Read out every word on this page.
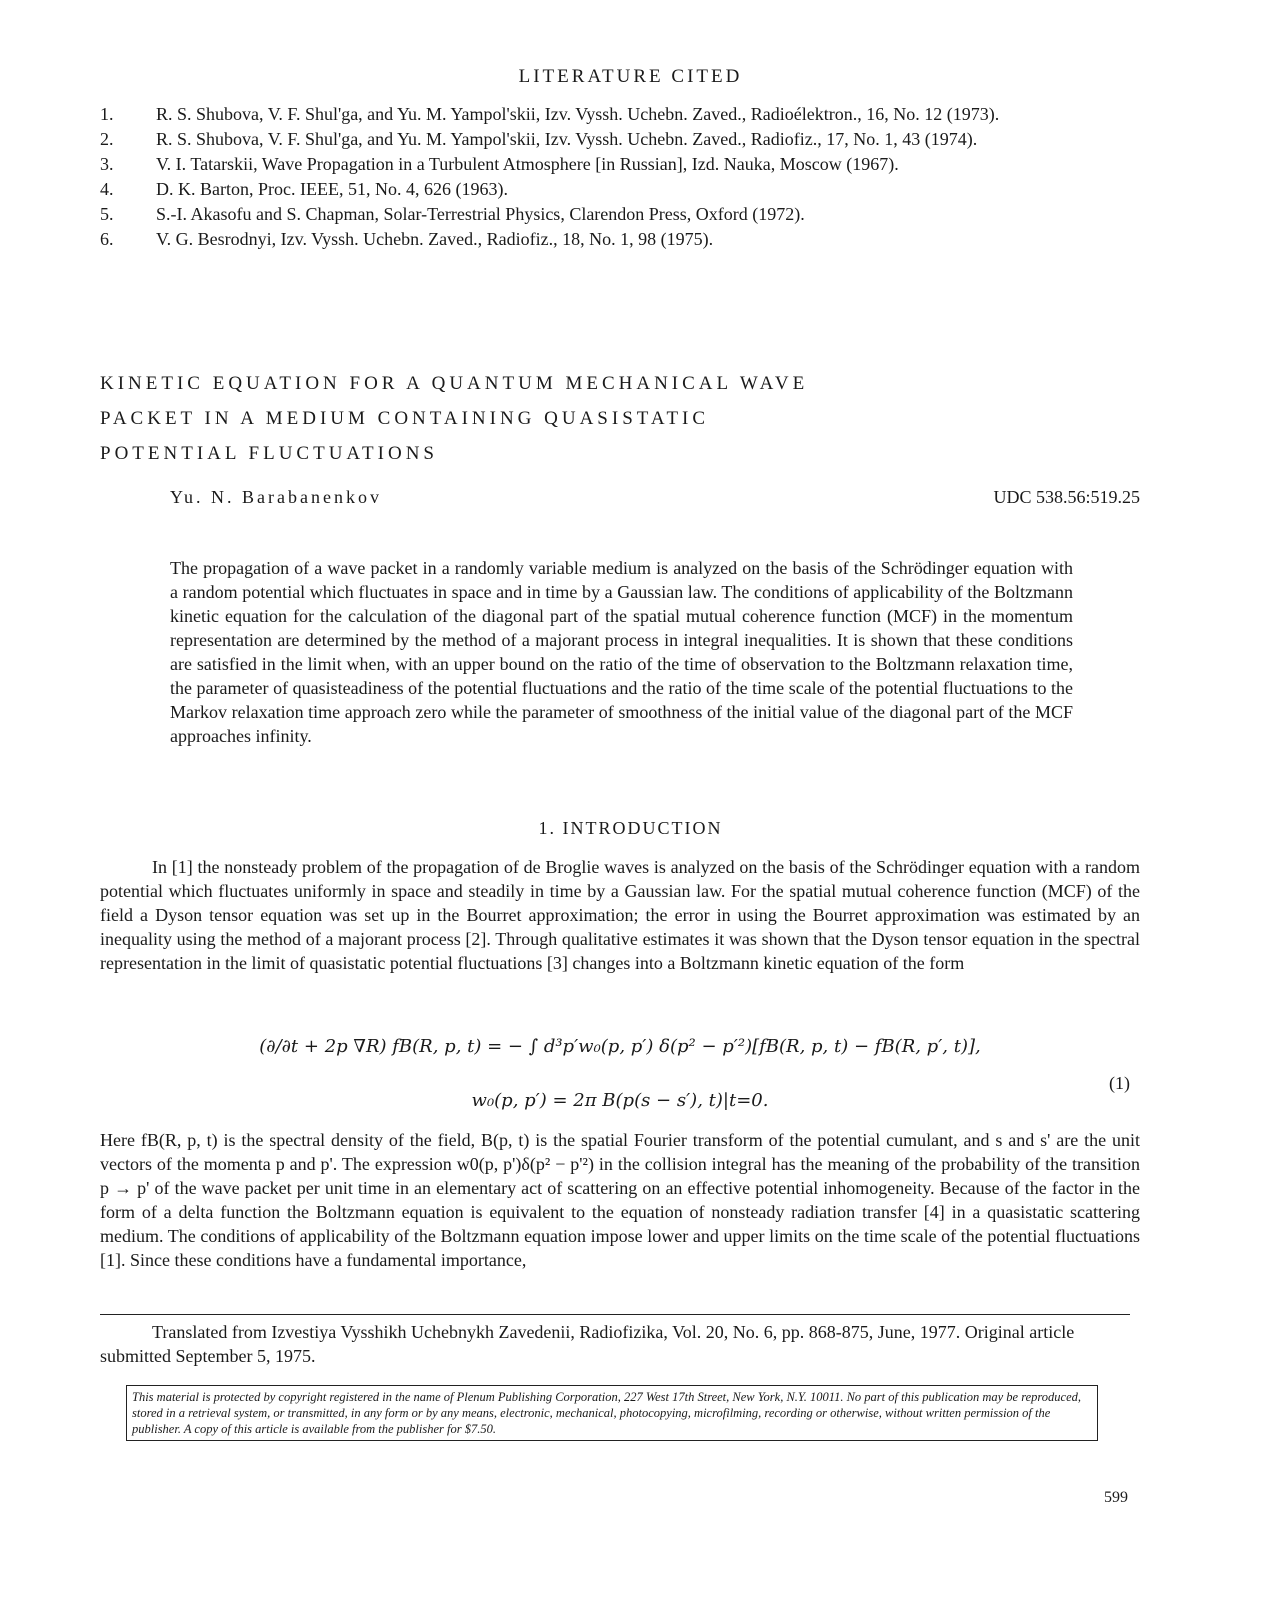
LITERATURE CITED
1. R. S. Shubova, V. F. Shul'ga, and Yu. M. Yampol'skii, Izv. Vyssh. Uchebn. Zaved., Radioélektron., 16, No. 12 (1973).
2. R. S. Shubova, V. F. Shul'ga, and Yu. M. Yampol'skii, Izv. Vyssh. Uchebn. Zaved., Radiofiz., 17, No. 1, 43 (1974).
3. V. I. Tatarskii, Wave Propagation in a Turbulent Atmosphere [in Russian], Izd. Nauka, Moscow (1967).
4. D. K. Barton, Proc. IEEE, 51, No. 4, 626 (1963).
5. S.-I. Akasofu and S. Chapman, Solar-Terrestrial Physics, Clarendon Press, Oxford (1972).
6. V. G. Besrodnyi, Izv. Vyssh. Uchebn. Zaved., Radiofiz., 18, No. 1, 98 (1975).
KINETIC EQUATION FOR A QUANTUM MECHANICAL WAVE
PACKET IN A MEDIUM CONTAINING QUASISTATIC
POTENTIAL FLUCTUATIONS
Yu. N. Barabanenkov	UDC 538.56:519.25
The propagation of a wave packet in a randomly variable medium is analyzed on the basis of the Schrödinger equation with a random potential which fluctuates in space and in time by a Gaussian law. The conditions of applicability of the Boltzmann kinetic equation for the calculation of the diagonal part of the spatial mutual coherence function (MCF) in the momentum representation are determined by the method of a majorant process in integral inequalities. It is shown that these conditions are satisfied in the limit when, with an upper bound on the ratio of the time of observation to the Boltzmann relaxation time, the parameter of quasisteadiness of the potential fluctuations and the ratio of the time scale of the potential fluctuations to the Markov relaxation time approach zero while the parameter of smoothness of the initial value of the diagonal part of the MCF approaches infinity.
1. INTRODUCTION
In [1] the nonsteady problem of the propagation of de Broglie waves is analyzed on the basis of the Schrödinger equation with a random potential which fluctuates uniformly in space and steadily in time by a Gaussian law. For the spatial mutual coherence function (MCF) of the field a Dyson tensor equation was set up in the Bourret approximation; the error in using the Bourret approximation was estimated by an inequality using the method of a majorant process [2]. Through qualitative estimates it was shown that the Dyson tensor equation in the spectral representation in the limit of quasistatic potential fluctuations [3] changes into a Boltzmann kinetic equation of the form
(∂/∂t + 2p ∇R) fB(R, p, t) = − ∫ d³p′w₀(p, p′) δ(p² − p′²)[fB(R, p, t) − fB(R, p′, t)],
(1)
w₀(p, p′) = 2π B(p(s − s′), t)|t=0.
Here fB(R, p, t) is the spectral density of the field, B(p, t) is the spatial Fourier transform of the potential cumulant, and s and s' are the unit vectors of the momenta p and p'. The expression w0(p, p')δ(p² − p'²) in the collision integral has the meaning of the probability of the transition p → p' of the wave packet per unit time in an elementary act of scattering on an effective potential inhomogeneity. Because of the factor in the form of a delta function the Boltzmann equation is equivalent to the equation of nonsteady radiation transfer [4] in a quasistatic scattering medium. The conditions of applicability of the Boltzmann equation impose lower and upper limits on the time scale of the potential fluctuations [1]. Since these conditions have a fundamental importance,
Translated from Izvestiya Vysshikh Uchebnykh Zavedenii, Radiofizika, Vol. 20, No. 6, pp. 868-875, June, 1977. Original article submitted September 5, 1975.
This material is protected by copyright registered in the name of Plenum Publishing Corporation, 227 West 17th Street, New York, N.Y. 10011. No part of this publication may be reproduced, stored in a retrieval system, or transmitted, in any form or by any means, electronic, mechanical, photocopying, microfilming, recording or otherwise, without written permission of the publisher. A copy of this article is available from the publisher for $7.50.
599
